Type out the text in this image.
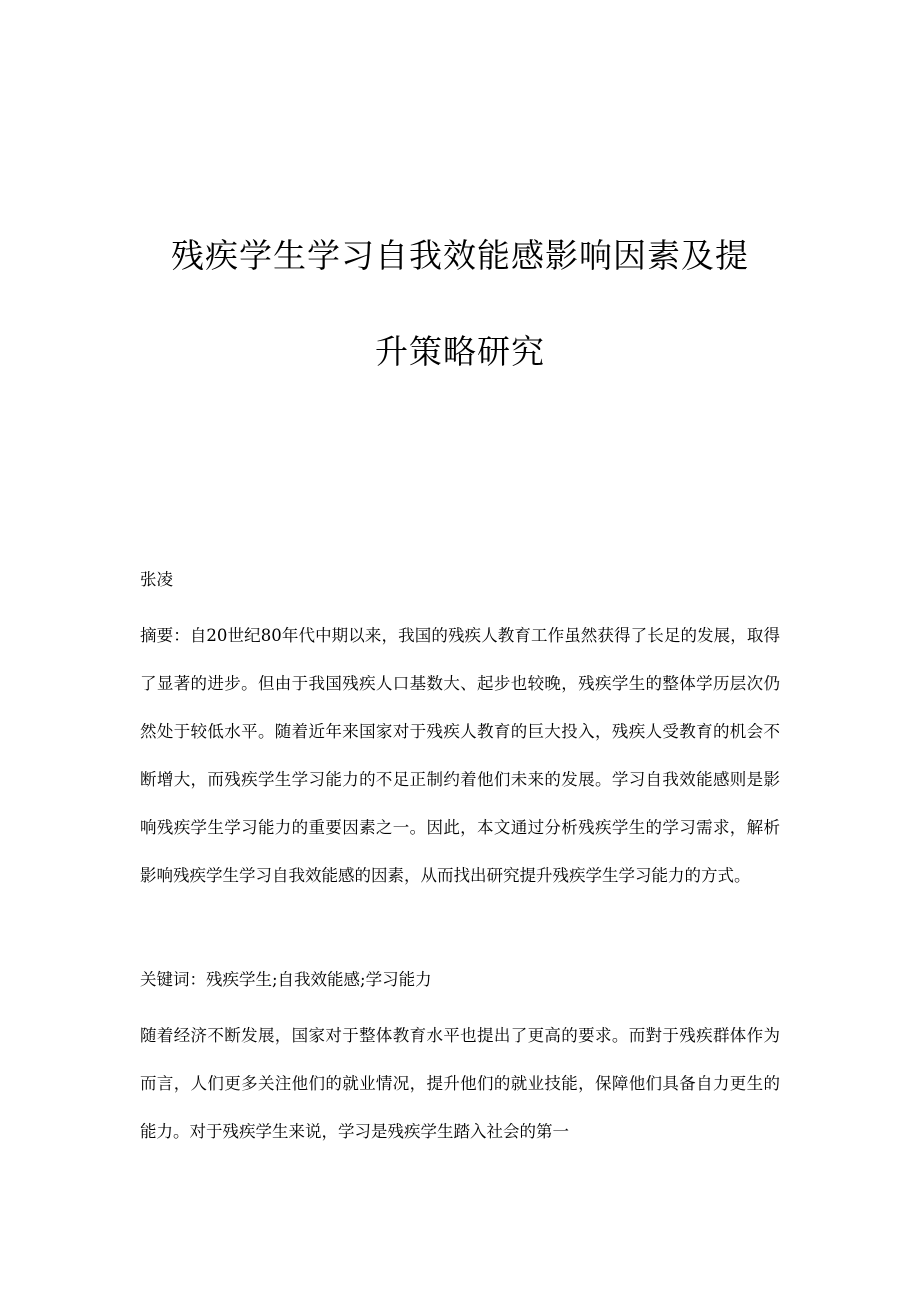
残疾学生学习自我效能感影响因素及提
升策略研究

张凌

摘要：自20世纪80年代中期以来，我国的残疾人教育工作虽然获得了长足的发展，取得了显著的进步。但由于我国残疾人口基数大、起步也较晚，残疾学生的整体学历层次仍然处于较低水平。随着近年来国家对于残疾人教育的巨大投入，残疾人受教育的机会不断增大，而残疾学生学习能力的不足正制约着他们未来的发展。学习自我效能感则是影响残疾学生学习能力的重要因素之一。因此，本文通过分析残疾学生的学习需求，解析影响残疾学生学习自我效能感的因素，从而找出研究提升残疾学生学习能力的方式。

关键词：残疾学生;自我效能感;学习能力

随着经济不断发展，国家对于整体教育水平也提出了更高的要求。而對于残疾群体作为而言，人们更多关注他们的就业情况，提升他们的就业技能，保障他们具备自力更生的能力。对于残疾学生来说，学习是残疾学生踏入社会的第一
